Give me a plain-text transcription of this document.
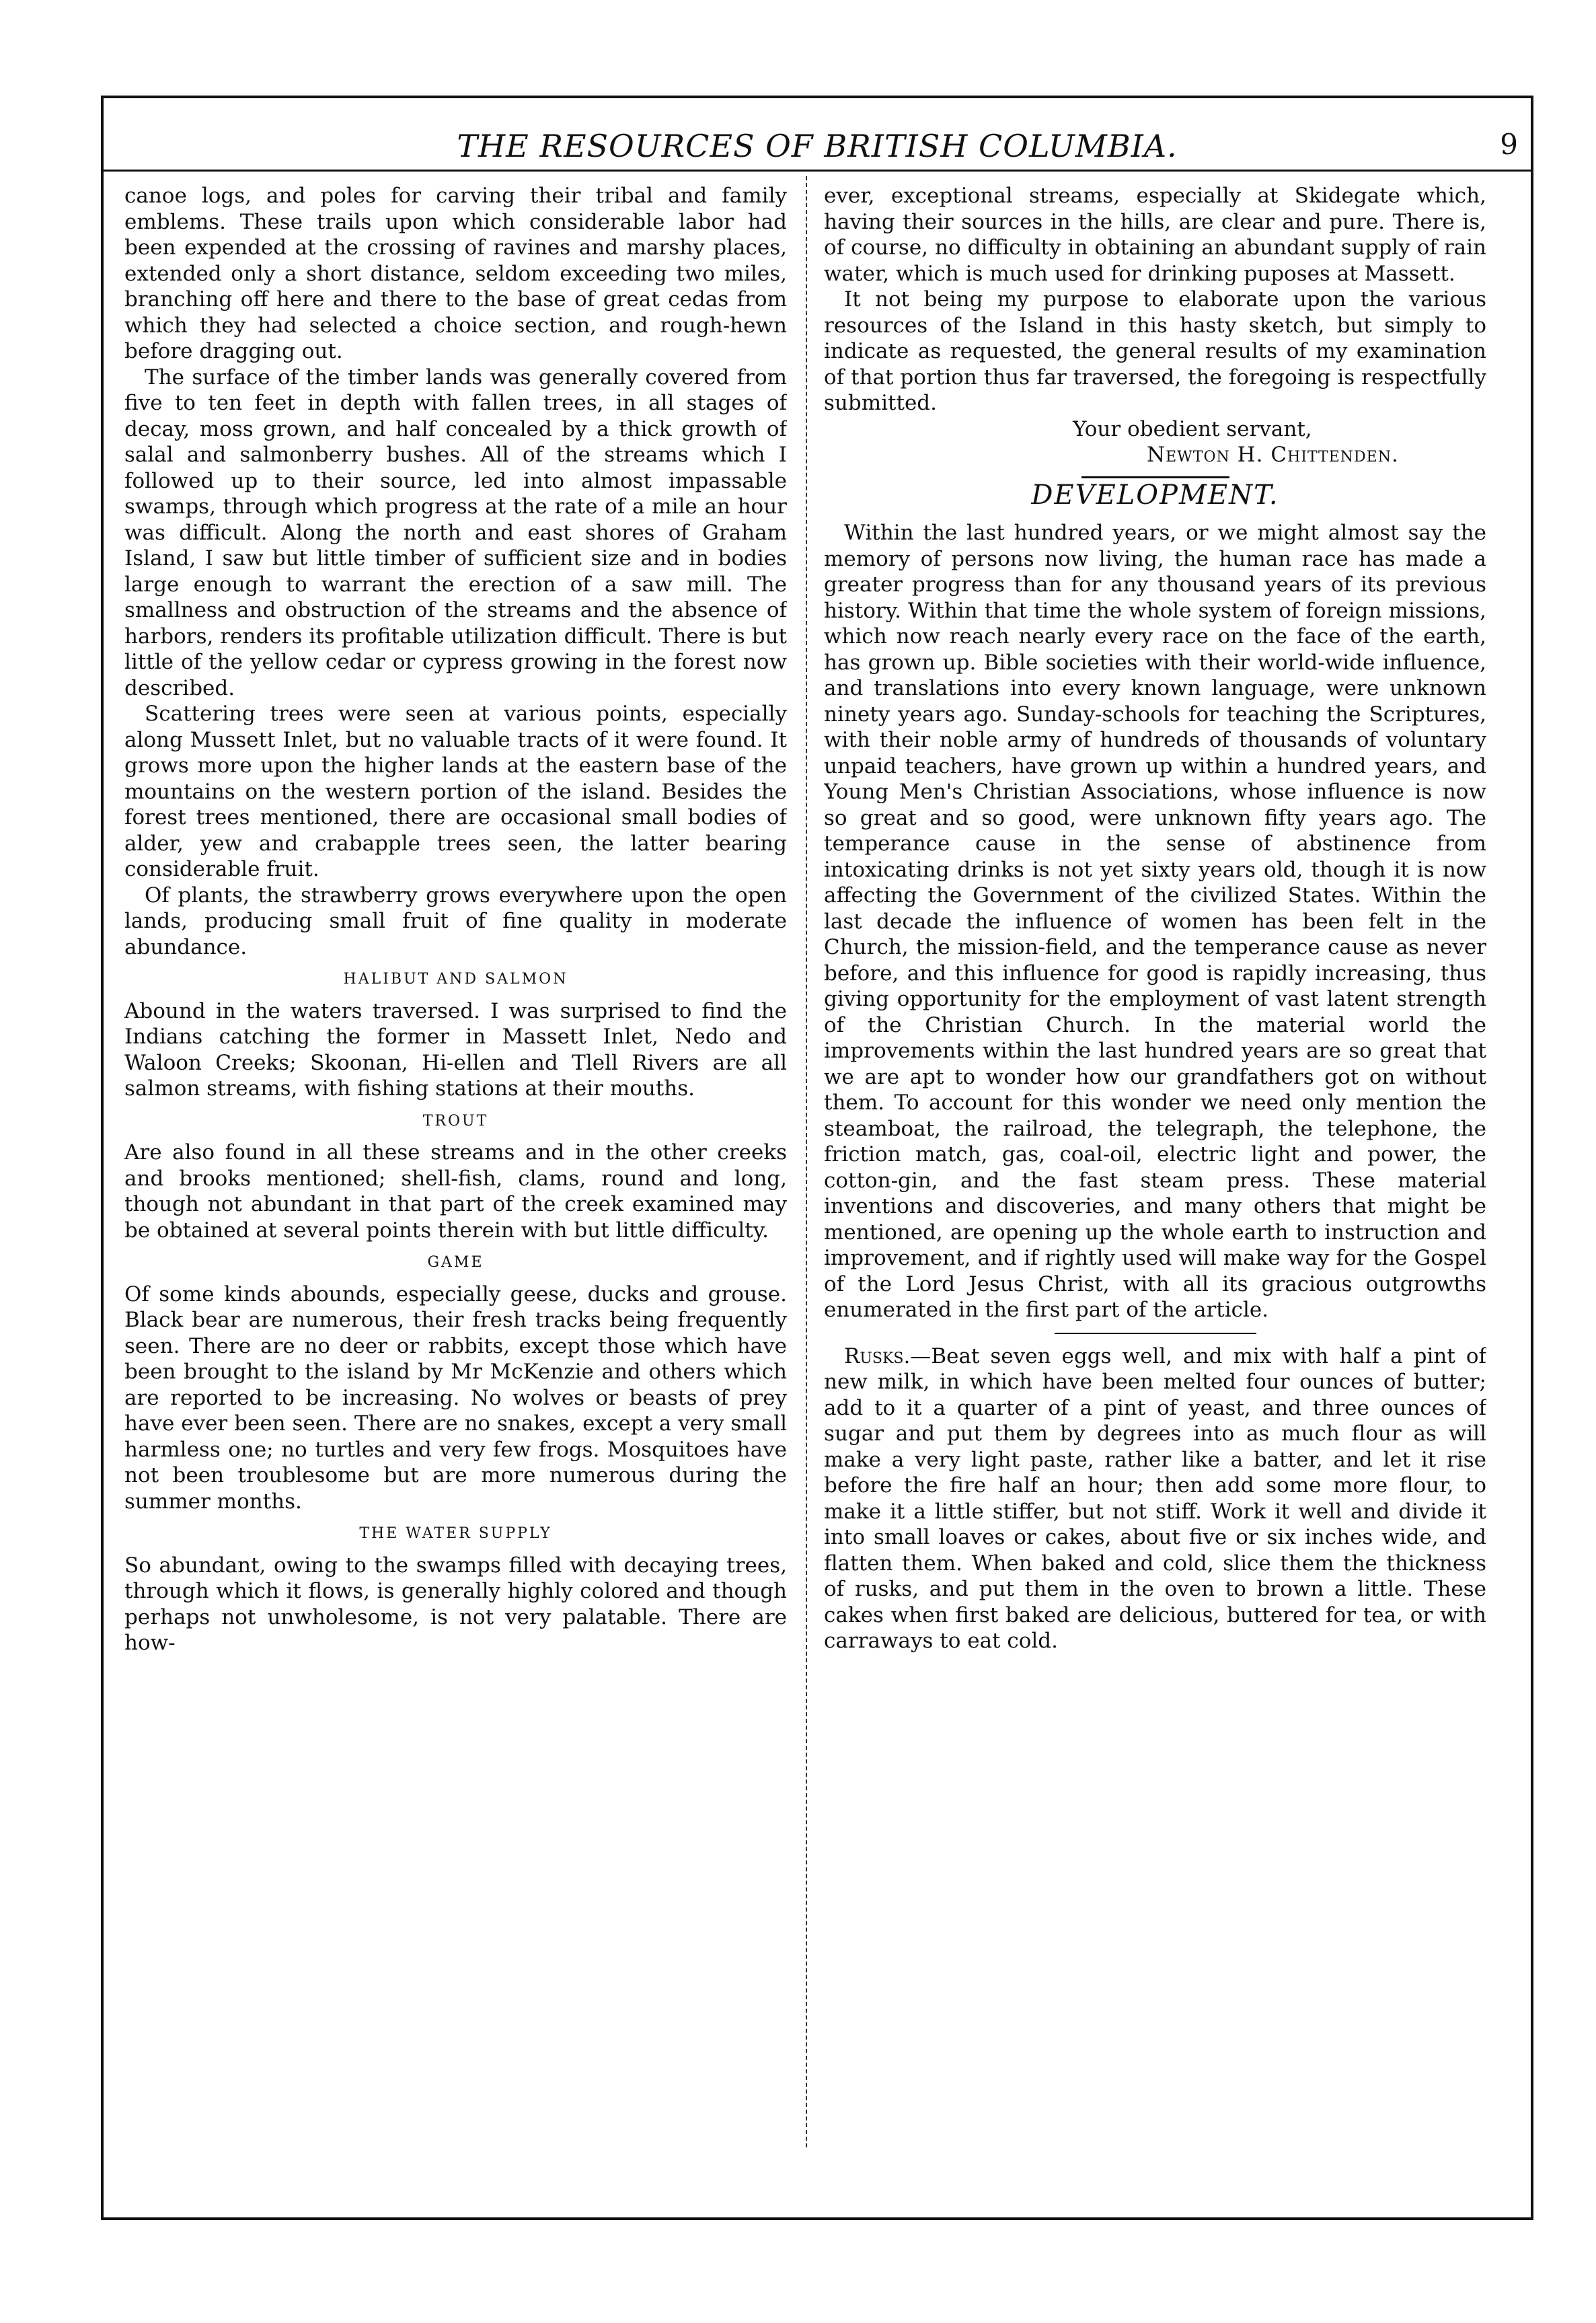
THE RESOURCES OF BRITISH COLUMBIA.	9

canoe logs, and poles for carving their tribal and family emblems. These trails upon which considerable labor had been expended at the crossing of ravines and marshy places, extended only a short distance, seldom exceeding two miles, branching off here and there to the base of great cedas from which they had selected a choice section, and rough-hewn before dragging out.

The surface of the timber lands was generally covered from five to ten feet in depth with fallen trees, in all stages of decay, moss grown, and half concealed by a thick growth of salal and salmonberry bushes. All of the streams which I followed up to their source, led into almost impassable swamps, through which progress at the rate of a mile an hour was difficult. Along the north and east shores of Graham Island, I saw but little timber of sufficient size and in bodies large enough to warrant the erection of a saw mill. The smallness and obstruction of the streams and the absence of harbors, renders its profitable utilization difficult. There is but little of the yellow cedar or cypress growing in the forest now described.

Scattering trees were seen at various points, especially along Mussett Inlet, but no valuable tracts of it were found. It grows more upon the higher lands at the eastern base of the mountains on the western portion of the island. Besides the forest trees mentioned, there are occasional small bodies of alder, yew and crabapple trees seen, the latter bearing considerable fruit.

Of plants, the strawberry grows everywhere upon the open lands, producing small fruit of fine quality in moderate abundance.

HALIBUT AND SALMON

Abound in the waters traversed. I was surprised to find the Indians catching the former in Massett Inlet, Nedo and Waloon Creeks; Skoonan, Hi-ellen and Tlell Rivers are all salmon streams, with fishing stations at their mouths.

TROUT

Are also found in all these streams and in the other creeks and brooks mentioned; shell-fish, clams, round and long, though not abundant in that part of the creek examined may be obtained at several points therein with but little difficulty.

GAME

Of some kinds abounds, especially geese, ducks and grouse. Black bear are numerous, their fresh tracks being frequently seen. There are no deer or rabbits, except those which have been brought to the island by Mr McKenzie and others which are reported to be increasing. No wolves or beasts of prey have ever been seen. There are no snakes, except a very small harmless one; no turtles and very few frogs. Mosquitoes have not been troublesome but are more numerous during the summer months.

THE WATER SUPPLY

So abundant, owing to the swamps filled with decaying trees, through which it flows, is generally highly colored and though perhaps not unwholesome, is not very palatable. There are how-

ever, exceptional streams, especially at Skidegate which, having their sources in the hills, are clear and pure. There is, of course, no difficulty in obtaining an abundant supply of rain water, which is much used for drinking puposes at Massett.

It not being my purpose to elaborate upon the various resources of the Island in this hasty sketch, but simply to indicate as requested, the general results of my examination of that portion thus far traversed, the foregoing is respectfully submitted.

Your obedient servant,
Newton H. Chittenden.
DEVELOPMENT.

Within the last hundred years, or we might almost say the memory of persons now living, the human race has made a greater progress than for any thousand years of its previous history. Within that time the whole system of foreign missions, which now reach nearly every race on the face of the earth, has grown up. Bible societies with their world-wide influence, and translations into every known language, were unknown ninety years ago. Sunday-schools for teaching the Scriptures, with their noble army of hundreds of thousands of voluntary unpaid teachers, have grown up within a hundred years, and Young Men's Christian Associations, whose influence is now so great and so good, were unknown fifty years ago. The temperance cause in the sense of abstinence from intoxicating drinks is not yet sixty years old, though it is now affecting the Government of the civilized States. Within the last decade the influence of women has been felt in the Church, the mission-field, and the temperance cause as never before, and this influence for good is rapidly increasing, thus giving opportunity for the employment of vast latent strength of the Christian Church. In the material world the improvements within the last hundred years are so great that we are apt to wonder how our grandfathers got on without them. To account for this wonder we need only mention the steamboat, the railroad, the telegraph, the telephone, the friction match, gas, coal-oil, electric light and power, the cotton-gin, and the fast steam press. These material inventions and discoveries, and many others that might be mentioned, are opening up the whole earth to instruction and improvement, and if rightly used will make way for the Gospel of the Lord Jesus Christ, with all its gracious outgrowths enumerated in the first part of the article.

Rusks.—Beat seven eggs well, and mix with half a pint of new milk, in which have been melted four ounces of butter; add to it a quarter of a pint of yeast, and three ounces of sugar and put them by degrees into as much flour as will make a very light paste, rather like a batter, and let it rise before the fire half an hour; then add some more flour, to make it a little stiffer, but not stiff. Work it well and divide it into small loaves or cakes, about five or six inches wide, and flatten them. When baked and cold, slice them the thickness of rusks, and put them in the oven to brown a little. These cakes when first baked are delicious, buttered for tea, or with carraways to eat cold.
